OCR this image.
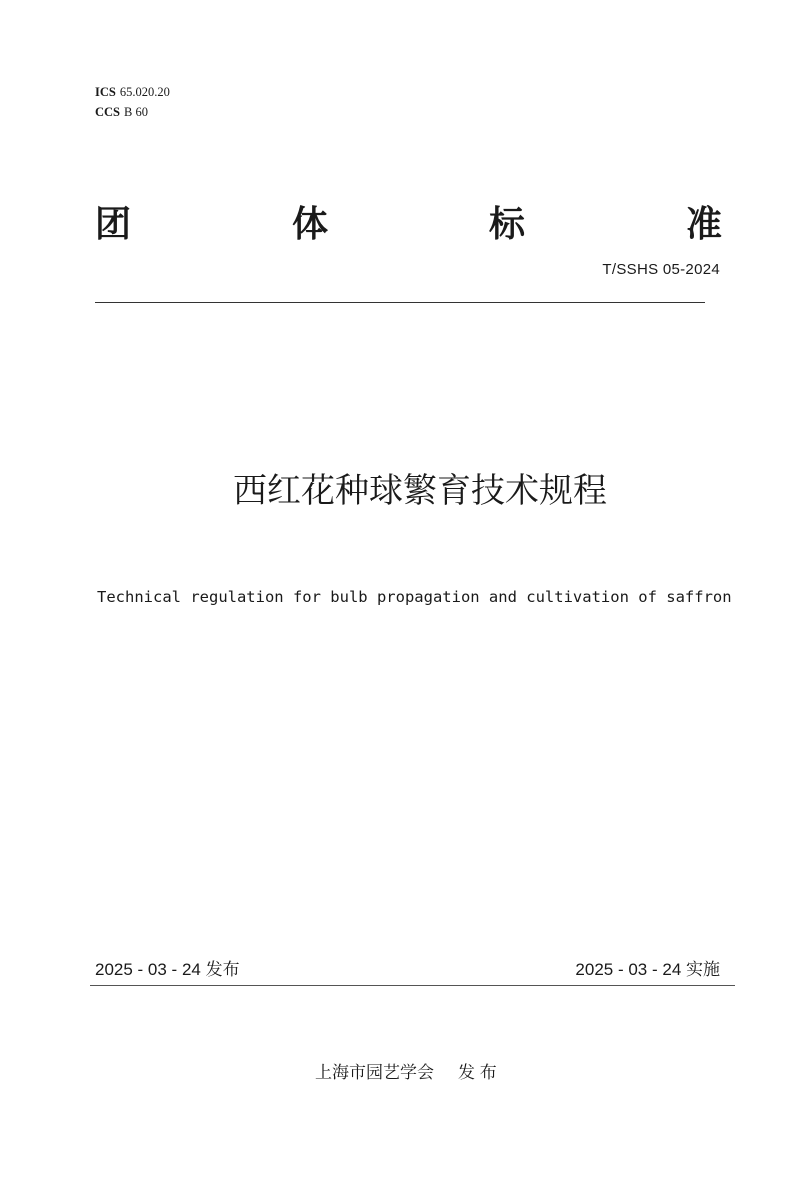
ICS 65.020.20
CCS B 60
团	体	标	准
T/SSHS 05-2024
西红花种球繁育技术规程
Technical regulation for bulb propagation and cultivation of saffron
2025 - 03 - 24 发布	2025 - 03 - 24 实施
上海市园艺学会 发 布
